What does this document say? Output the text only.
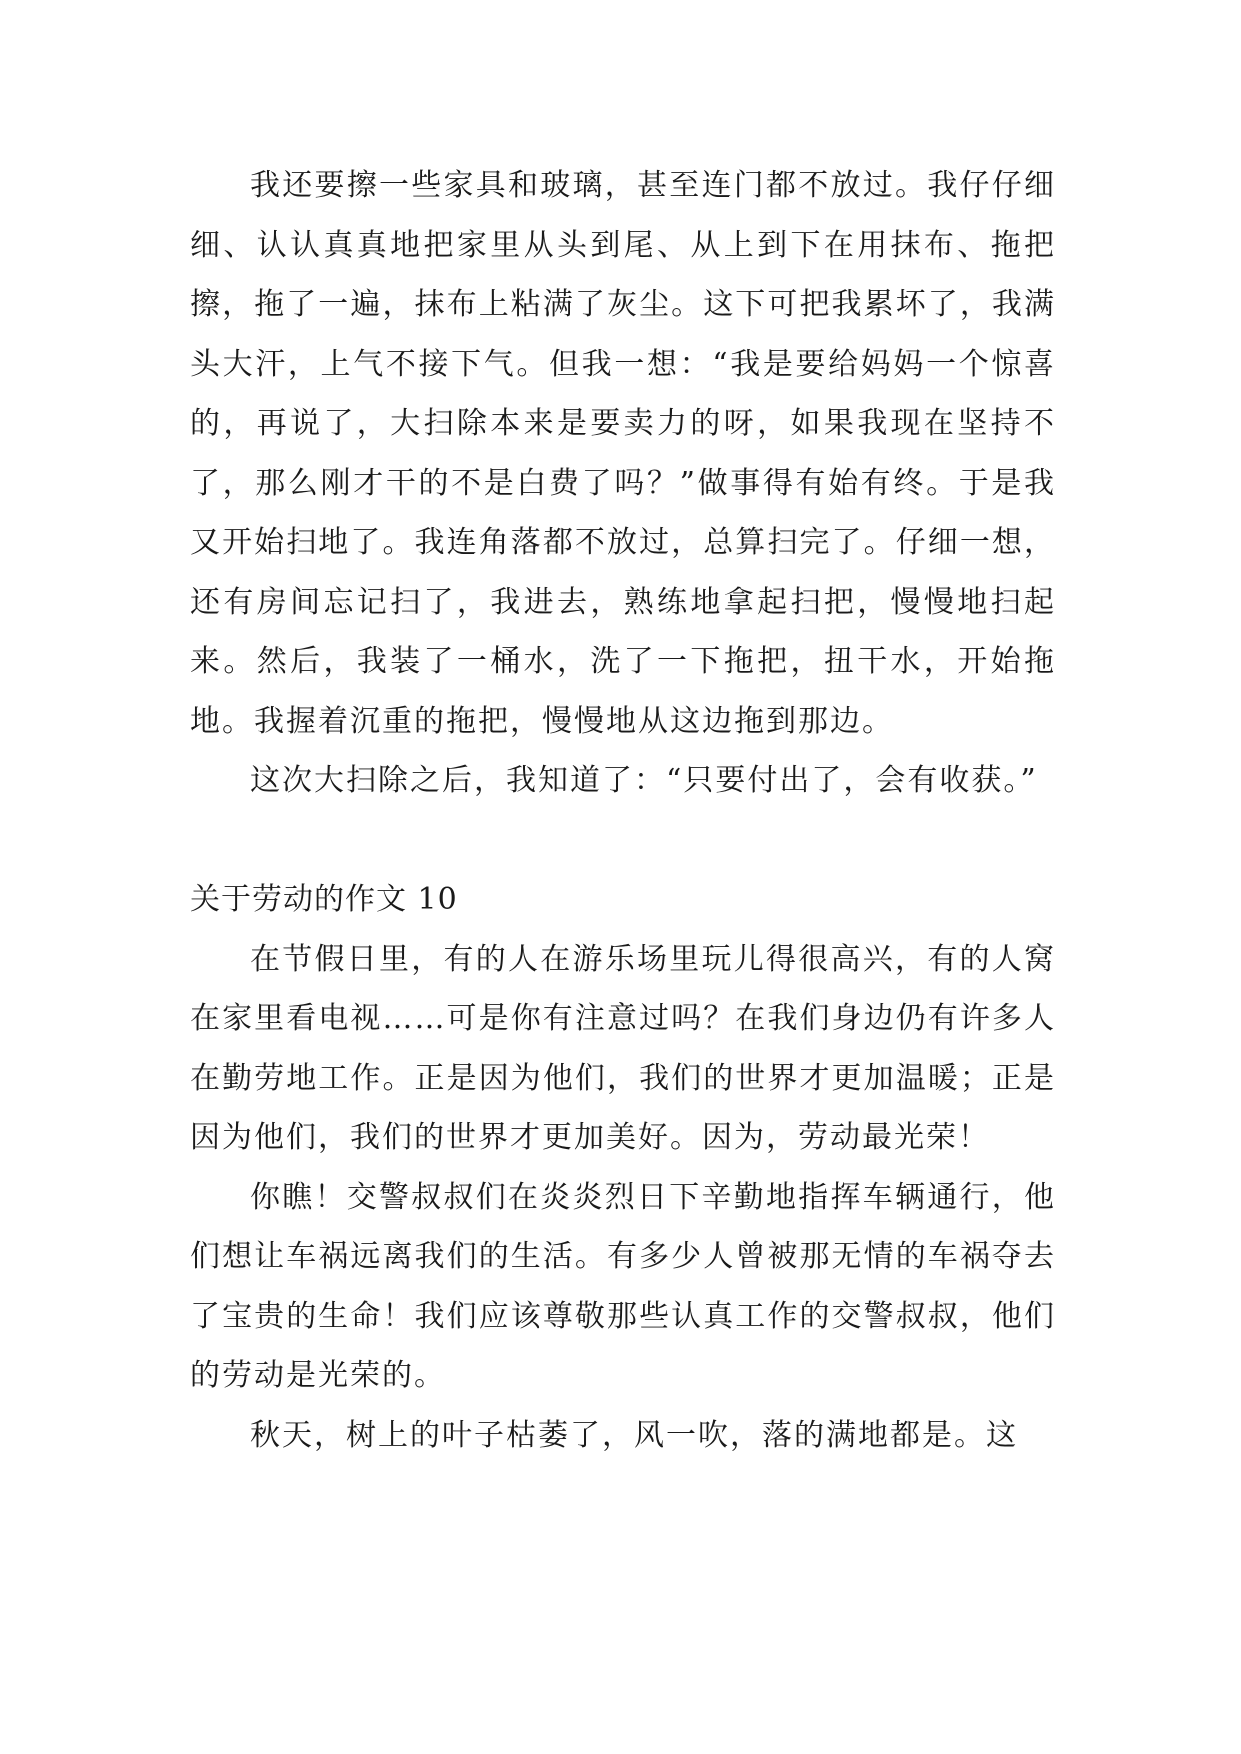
我还要擦一些家具和玻璃，甚至连门都不放过。我仔仔细细、认认真真地把家里从头到尾、从上到下在用抹布、拖把擦，拖了一遍，抹布上粘满了灰尘。这下可把我累坏了，我满头大汗，上气不接下气。但我一想：“我是要给妈妈一个惊喜的，再说了，大扫除本来是要卖力的呀，如果我现在坚持不了，那么刚才干的不是白费了吗？”做事得有始有终。于是我又开始扫地了。我连角落都不放过，总算扫完了。仔细一想，还有房间忘记扫了，我进去，熟练地拿起扫把，慢慢地扫起来。然后，我装了一桶水，洗了一下拖把，扭干水，开始拖地。我握着沉重的拖把，慢慢地从这边拖到那边。

这次大扫除之后，我知道了：“只要付出了，会有收获。”

关于劳动的作文 10

在节假日里，有的人在游乐场里玩儿得很高兴，有的人窝在家里看电视……可是你有注意过吗？在我们身边仍有许多人在勤劳地工作。正是因为他们，我们的世界才更加温暖；正是因为他们，我们的世界才更加美好。因为，劳动最光荣！

你瞧！交警叔叔们在炎炎烈日下辛勤地指挥车辆通行，他们想让车祸远离我们的生活。有多少人曾被那无情的车祸夺去了宝贵的生命！我们应该尊敬那些认真工作的交警叔叔，他们的劳动是光荣的。

秋天，树上的叶子枯萎了，风一吹，落的满地都是。这
